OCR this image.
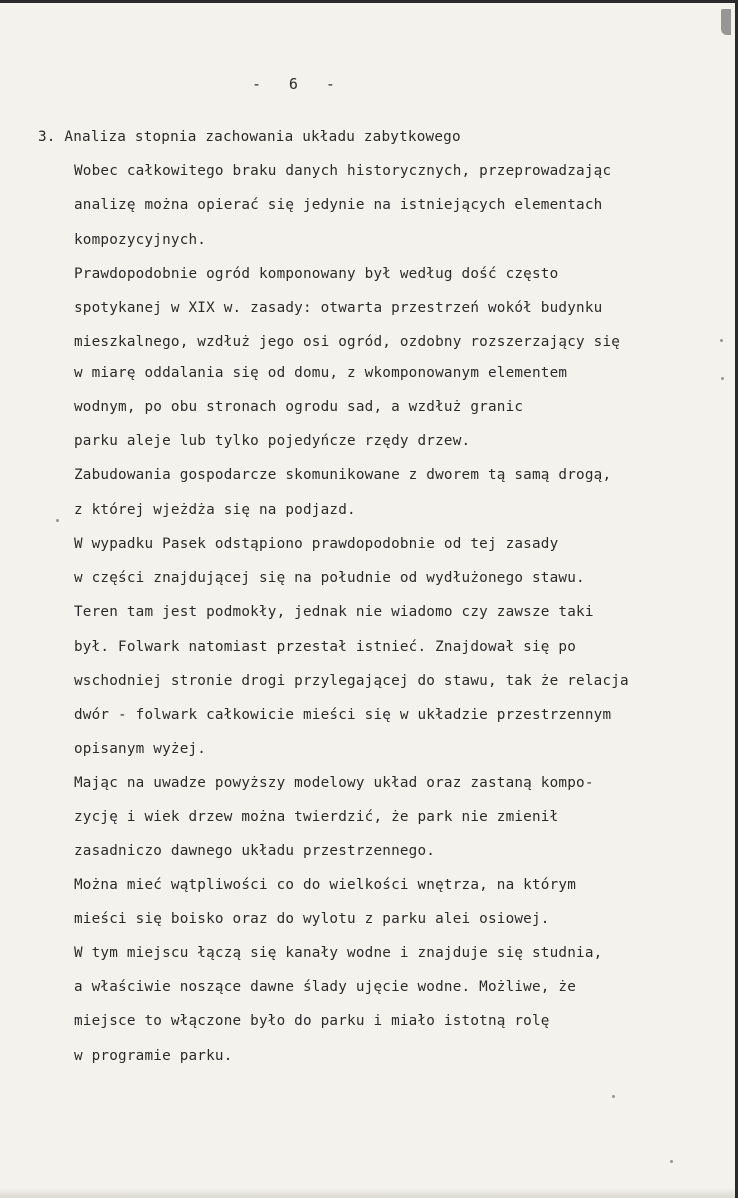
-   6   -
3. Analiza stopnia zachowania układu zabytkowego
Wobec całkowitego braku danych historycznych, przeprowadzając
analizę można opierać się jedynie na istniejących elementach
kompozycyjnych.
Prawdopodobnie ogród komponowany był według dość często
spotykanej w XIX w. zasady: otwarta przestrzeń wokół budynku
mieszkalnego, wzdłuż jego osi ogród, ozdobny rozszerzający się
w miarę oddalania się od domu, z wkomponowanym elementem
wodnym, po obu stronach ogrodu sad, a wzdłuż granic
parku aleje lub tylko pojedyńcze rzędy drzew.
Zabudowania gospodarcze skomunikowane z dworem tą samą drogą,
z której wjeżdża się na podjazd.
W wypadku Pasek odstąpiono prawdopodobnie od tej zasady
w części znajdującej się na południe od wydłużonego stawu.
Teren tam jest podmokły, jednak nie wiadomo czy zawsze taki
był. Folwark natomiast przestał istnieć. Znajdował się po
wschodniej stronie drogi przylegającej do stawu, tak że relacja
dwór - folwark całkowicie mieści się w układzie przestrzennym
opisanym wyżej.
Mając na uwadze powyższy modelowy układ oraz zastaną kompo-
zycję i wiek drzew można twierdzić, że park nie zmienił
zasadniczo dawnego układu przestrzennego.
Można mieć wątpliwości co do wielkości wnętrza, na którym
mieści się boisko oraz do wylotu z parku alei osiowej.
W tym miejscu łączą się kanały wodne i znajduje się studnia,
a właściwie noszące dawne ślady ujęcie wodne. Możliwe, że
miejsce to włączone było do parku i miało istotną rolę
w programie parku.
